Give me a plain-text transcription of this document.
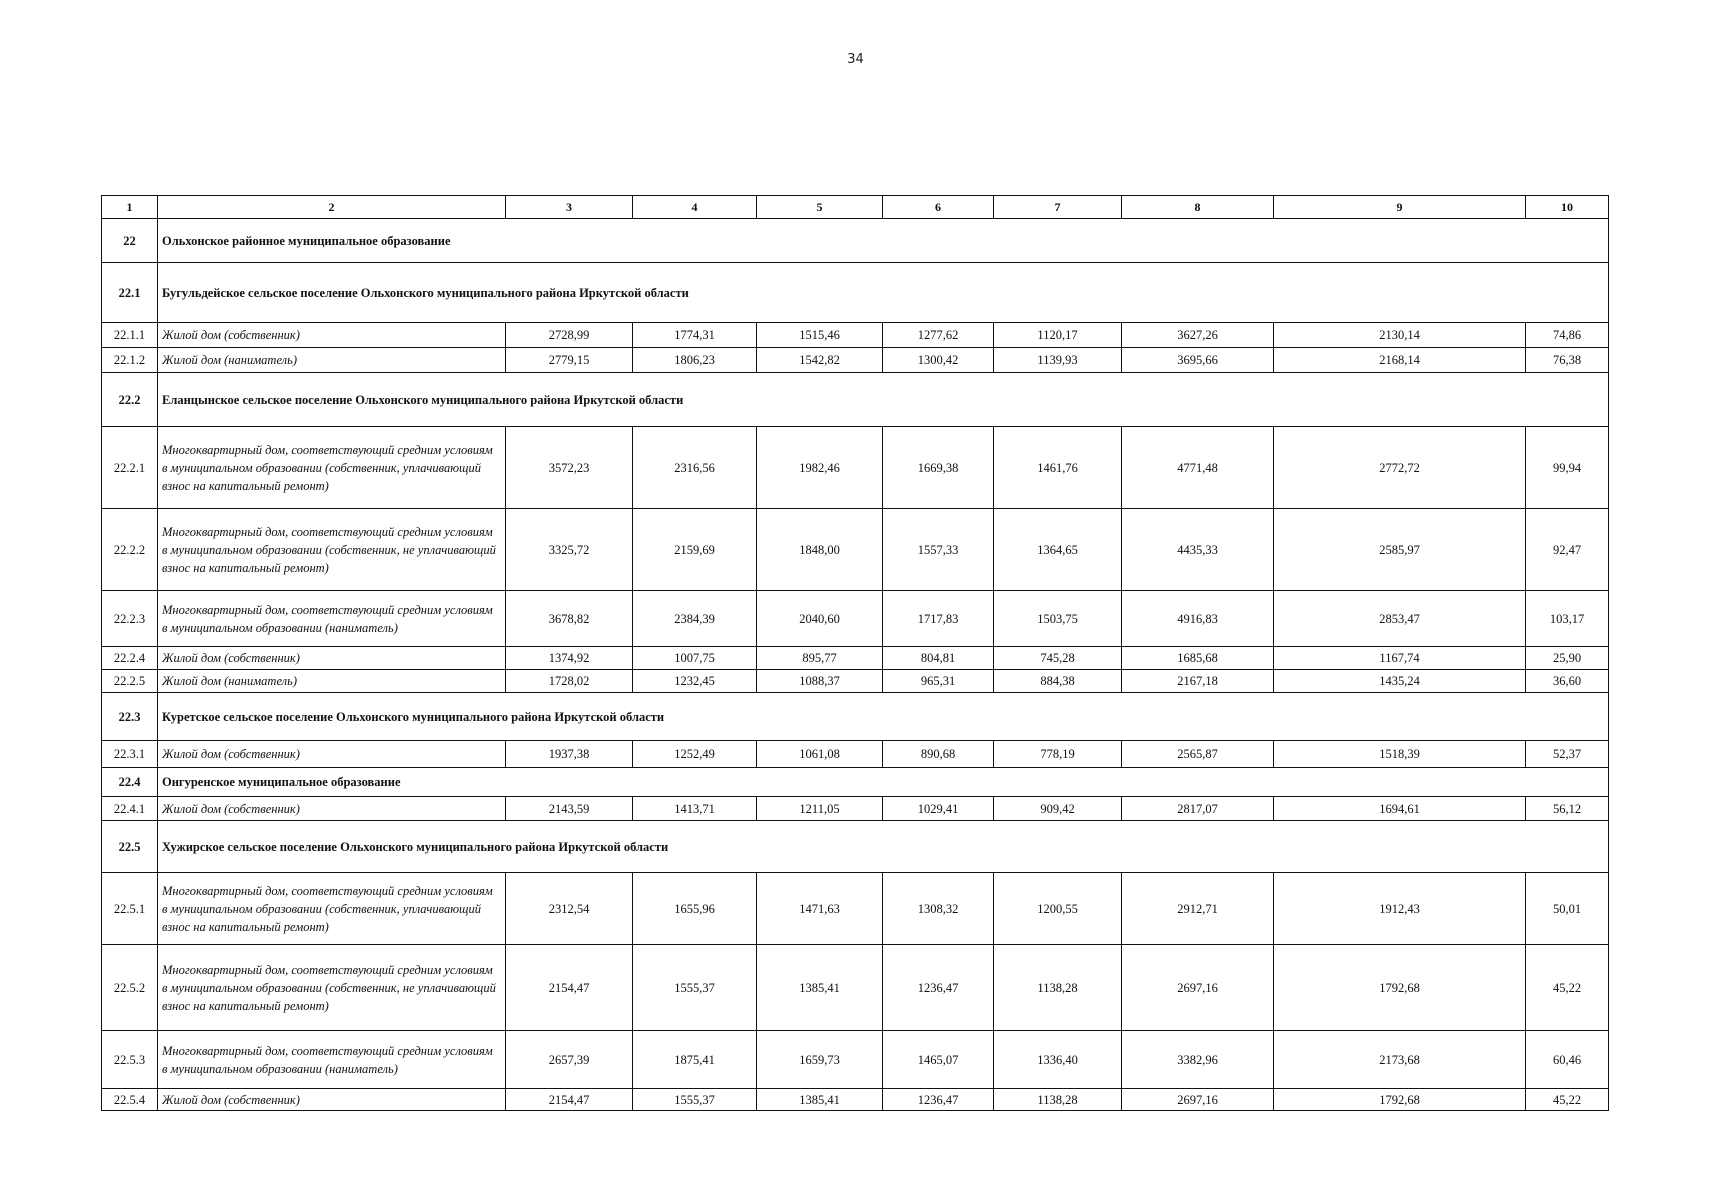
34
1	2	3	4	5	6	7	8	9	10
22	Ольхонское районное муниципальное образование								
22.1	Бугульдейское сельское поселение Ольхонского муниципального района Иркутской области								
22.1.1	Жилой дом (собственник)	2728,99	1774,31	1515,46	1277,62	1120,17	3627,26	2130,14	74,86
22.1.2	Жилой дом (наниматель)	2779,15	1806,23	1542,82	1300,42	1139,93	3695,66	2168,14	76,38
22.2	Еланцынское сельское поселение Ольхонского муниципального района Иркутской области								
22.2.1	Многоквартирный дом, соответствующий средним условиям в муниципальном образовании (собственник, уплачивающий взнос на капитальный ремонт)	3572,23	2316,56	1982,46	1669,38	1461,76	4771,48	2772,72	99,94
22.2.2	Многоквартирный дом, соответствующий средним условиям в муниципальном образовании (собственник, не уплачивающий взнос на капитальный ремонт)	3325,72	2159,69	1848,00	1557,33	1364,65	4435,33	2585,97	92,47
22.2.3	Многоквартирный дом, соответствующий средним условиям в муниципальном образовании (наниматель)	3678,82	2384,39	2040,60	1717,83	1503,75	4916,83	2853,47	103,17
22.2.4	Жилой дом (собственник)	1374,92	1007,75	895,77	804,81	745,28	1685,68	1167,74	25,90
22.2.5	Жилой дом (наниматель)	1728,02	1232,45	1088,37	965,31	884,38	2167,18	1435,24	36,60
22.3	Куретское сельское поселение Ольхонского муниципального района Иркутской области								
22.3.1	Жилой дом (собственник)	1937,38	1252,49	1061,08	890,68	778,19	2565,87	1518,39	52,37
22.4	Онгуренское муниципальное образование								
22.4.1	Жилой дом (собственник)	2143,59	1413,71	1211,05	1029,41	909,42	2817,07	1694,61	56,12
22.5	Хужирское сельское поселение Ольхонского муниципального района Иркутской области								
22.5.1	Многоквартирный дом, соответствующий средним условиям в муниципальном образовании (собственник, уплачивающий взнос на капитальный ремонт)	2312,54	1655,96	1471,63	1308,32	1200,55	2912,71	1912,43	50,01
22.5.2	Многоквартирный дом, соответствующий средним условиям в муниципальном образовании (собственник, не уплачивающий взнос на капитальный ремонт)	2154,47	1555,37	1385,41	1236,47	1138,28	2697,16	1792,68	45,22
22.5.3	Многоквартирный дом, соответствующий средним условиям в муниципальном образовании (наниматель)	2657,39	1875,41	1659,73	1465,07	1336,40	3382,96	2173,68	60,46
22.5.4	Жилой дом (собственник)	2154,47	1555,37	1385,41	1236,47	1138,28	2697,16	1792,68	45,22
